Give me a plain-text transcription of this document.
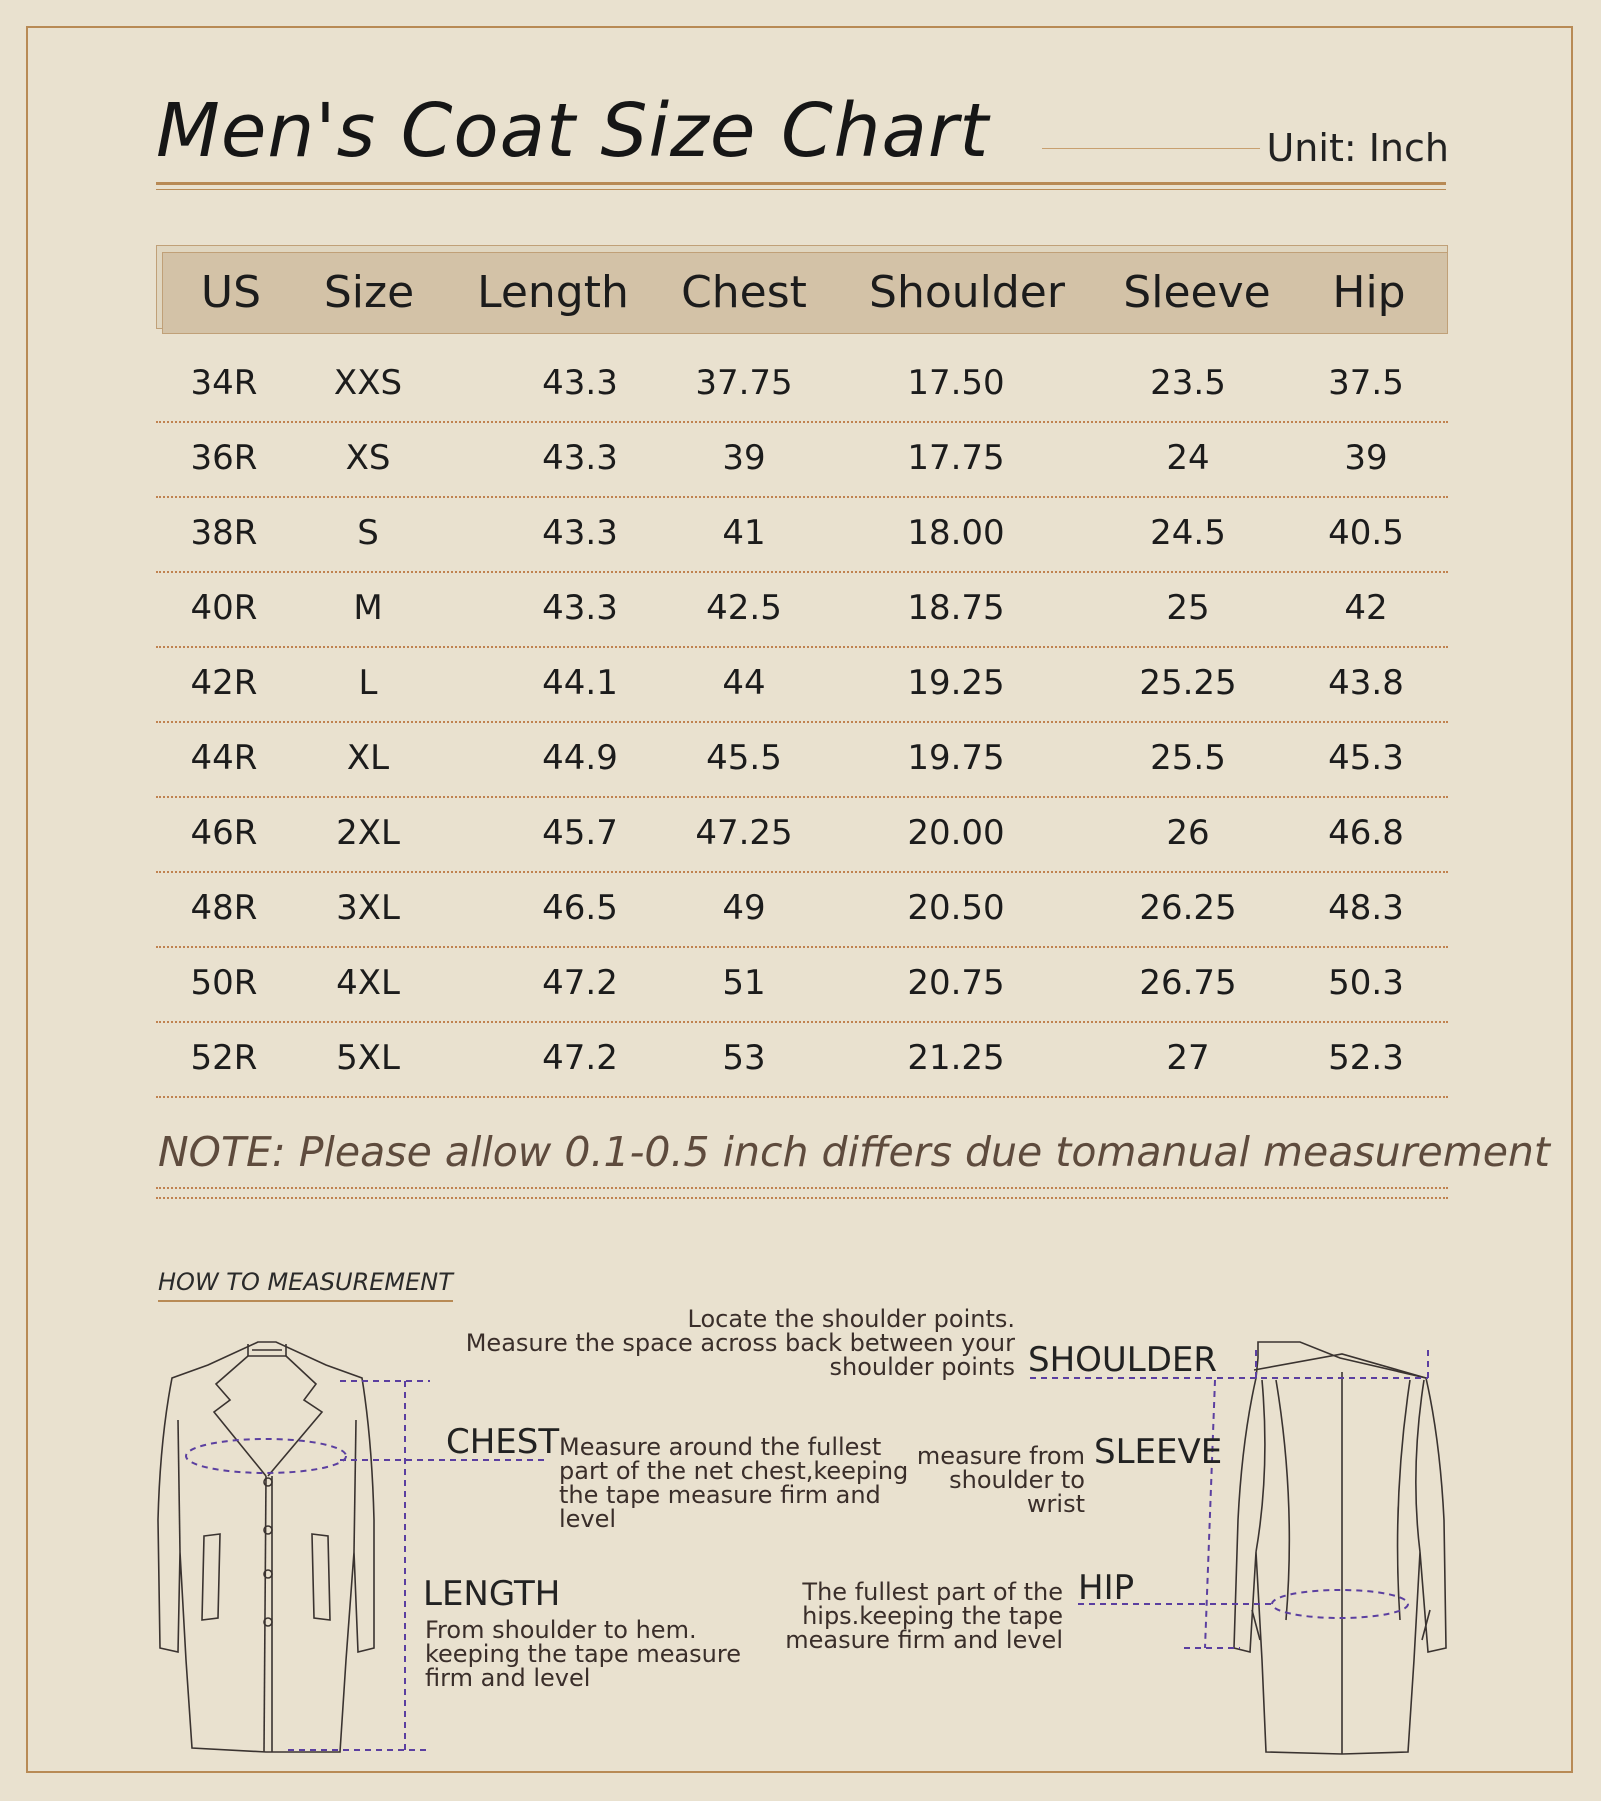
Men's Coat Size Chart	Unit: Inch
US	Size	Length	Chest	Shoulder	Sleeve	Hip
34R	XXS	43.3	37.75	17.50	23.5	37.5
36R	XS	43.3	39	17.75	24	39
38R	S	43.3	41	18.00	24.5	40.5
40R	M	43.3	42.5	18.75	25	42
42R	L	44.1	44	19.25	25.25	43.8
44R	XL	44.9	45.5	19.75	25.5	45.3
46R	2XL	45.7	47.25	20.00	26	46.8
48R	3XL	46.5	49	20.50	26.25	48.3
50R	4XL	47.2	51	20.75	26.75	50.3
52R	5XL	47.2	53	21.25	27	52.3
NOTE: Please allow 0.1-0.5 inch differs due tomanual measurement
HOW TO MEASUREMENT
CHEST Measure around the fullest
part of the net chest,keeping
the tape measure firm and
level
LENGTH
From shoulder to hem.
keeping the tape measure
firm and level
Locate the shoulder points.
Measure the space across back between your
shoulder points SHOULDER
measure from
shoulder to
wrist
SLEEVE
The fullest part of the
hips.keeping the tape
measure firm and level
HIP
